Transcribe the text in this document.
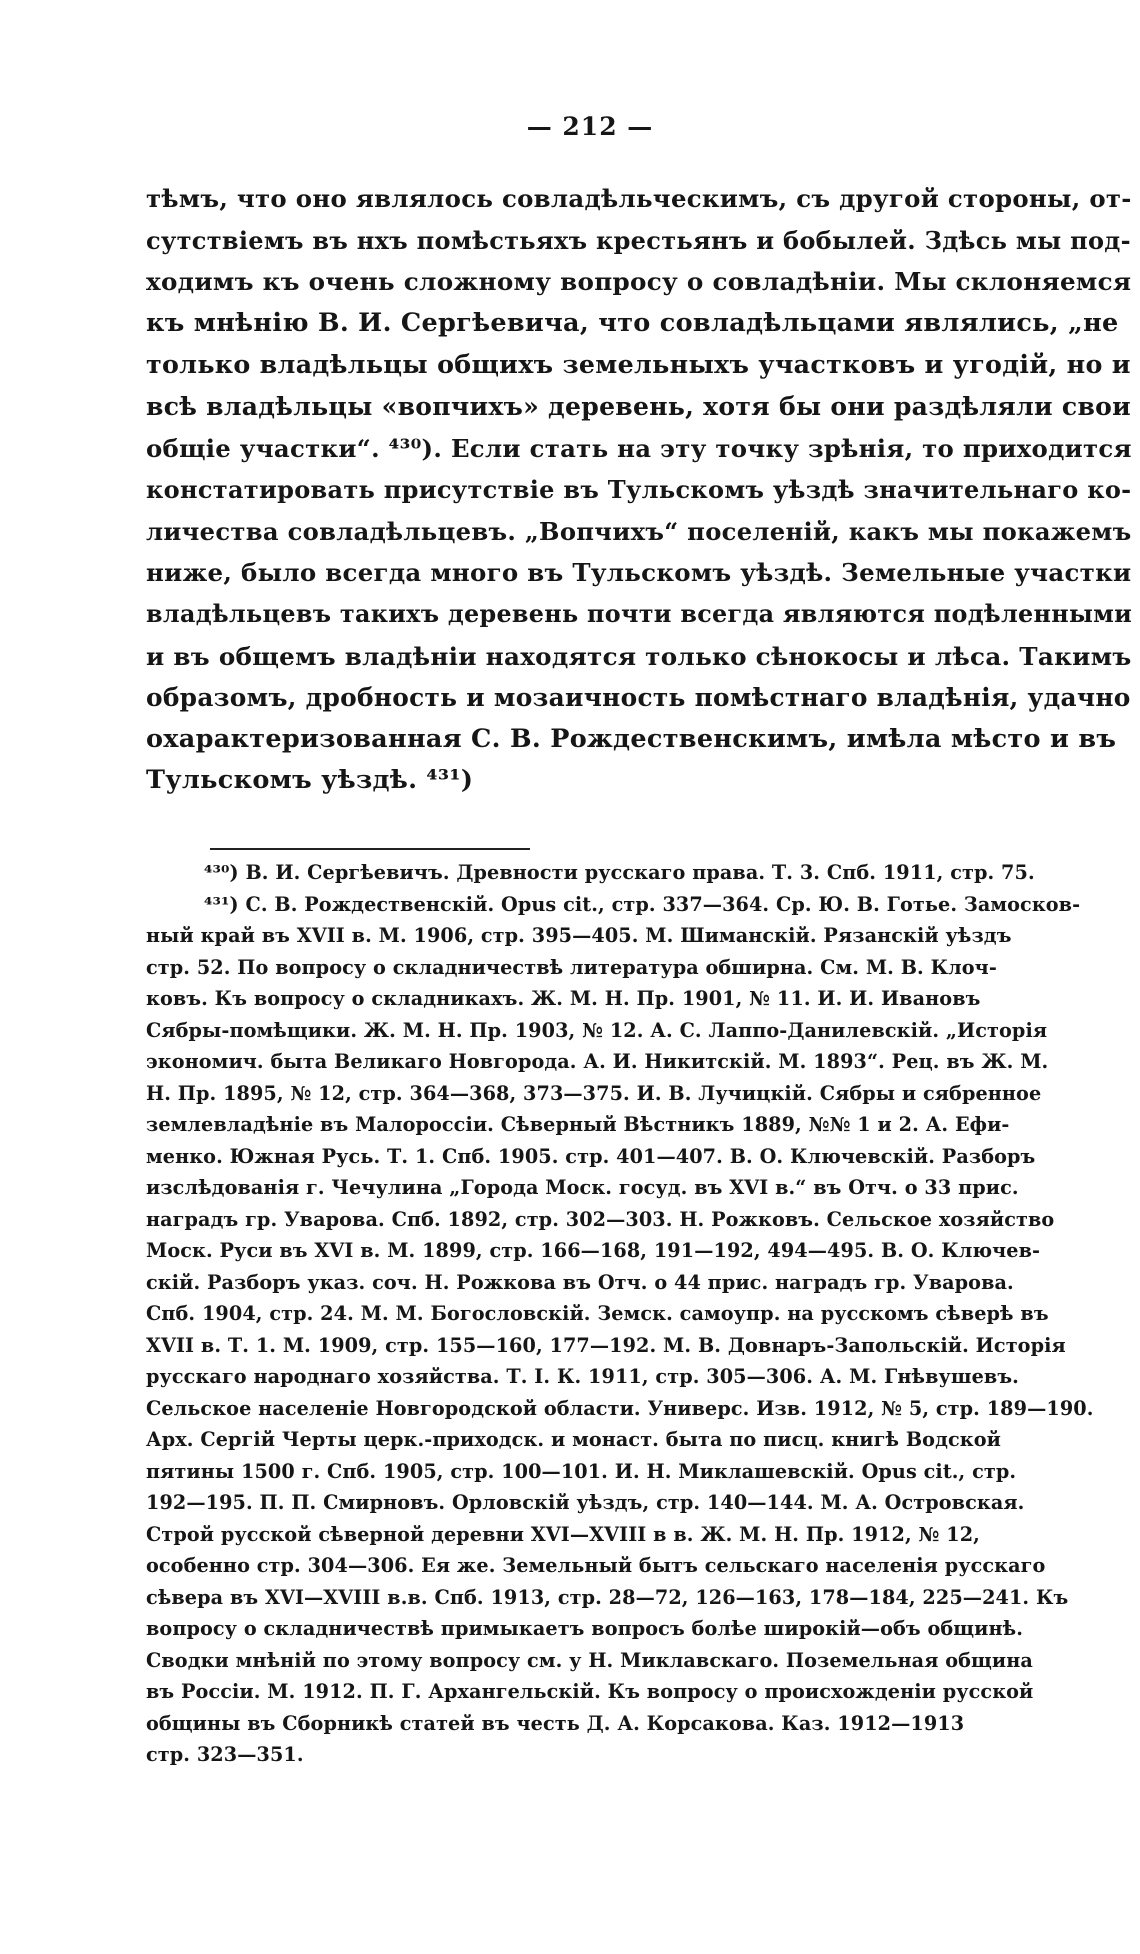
— 212 —
тѣмъ, что оно являлось совладѣльческимъ, съ другой стороны, от-
сутствіемъ въ нхъ помѣстьяхъ крестьянъ и бобылей. Здѣсь мы под-
ходимъ къ очень сложному вопросу о совладѣніи. Мы склоняемся
къ мнѣнію В. И. Сергѣевича, что совладѣльцами являлись, „не
только владѣльцы общихъ земельныхъ участковъ и угодій, но и
всѣ владѣльцы «вопчихъ» деревень, хотя бы они раздѣляли свои
общіе участки“. ⁴³⁰). Если стать на эту точку зрѣнія, то приходится
констатировать присутствіе въ Тульскомъ уѣздѣ значительнаго ко-
личества совладѣльцевъ. „Вопчихъ“ поселеній, какъ мы покажемъ
ниже, было всегда много въ Тульскомъ уѣздѣ. Земельные участки
владѣльцевъ такихъ деревень почти всегда являются подѣленными
и въ общемъ владѣніи находятся только сѣнокосы и лѣса. Такимъ
образомъ, дробность и мозаичность помѣстнаго владѣнія, удачно
охарактеризованная С. В. Рождественскимъ, имѣла мѣсто и въ
Тульскомъ уѣздѣ. ⁴³¹)
⁴³⁰) В. И. Сергѣевичъ. Древности русскаго права. Т. 3. Спб. 1911, стр. 75.
⁴³¹) С. В. Рождественскій. Opus cit., стр. 337—364. Ср. Ю. В. Готье. Замосков-
ный край въ XVII в. М. 1906, стр. 395—405. М. Шиманскій. Рязанскій уѣздъ
стр. 52. По вопросу о складничествѣ литература обширна. См. М. В. Клоч-
ковъ. Къ вопросу о складникахъ. Ж. М. Н. Пр. 1901, № 11. И. И. Ивановъ
Сябры-помѣщики. Ж. М. Н. Пр. 1903, № 12. А. С. Лаппо-Данилевскій. „Исторія
экономич. быта Великаго Новгорода. А. И. Никитскій. М. 1893“. Рец. въ Ж. М.
Н. Пр. 1895, № 12, стр. 364—368, 373—375. И. В. Лучицкій. Сябры и сябренное
землевладѣніе въ Малороссіи. Сѣверный Вѣстникъ 1889, №№ 1 и 2. А. Ефи-
менко. Южная Русь. Т. 1. Спб. 1905. стр. 401—407. В. О. Ключевскій. Разборъ
изслѣдованія г. Чечулина „Города Моск. госуд. въ XVI в.“ въ Отч. о 33 прис.
наградъ гр. Уварова. Спб. 1892, стр. 302—303. Н. Рожковъ. Сельское хозяйство
Моск. Руси въ XVI в. М. 1899, стр. 166—168, 191—192, 494—495. В. О. Ключев-
скій. Разборъ указ. соч. Н. Рожкова въ Отч. о 44 прис. наградъ гр. Уварова.
Спб. 1904, стр. 24. М. М. Богословскій. Земск. самоупр. на русскомъ сѣверѣ въ
XVII в. Т. 1. М. 1909, стр. 155—160, 177—192. М. В. Довнаръ-Запольскій. Исторія
русскаго народнаго хозяйства. Т. I. К. 1911, стр. 305—306. А. М. Гнѣвушевъ.
Сельское населеніе Новгородской области. Универс. Изв. 1912, № 5, стр. 189—190.
Арх. Сергій Черты церк.-приходск. и монаст. быта по писц. книгѣ Водской
пятины 1500 г. Спб. 1905, стр. 100—101. И. Н. Миклашевскій. Opus cit., стр.
192—195. П. П. Смирновъ. Орловскій уѣздъ, стр. 140—144. М. А. Островская.
Строй русской сѣверной деревни XVI—XVIII в в. Ж. М. Н. Пр. 1912, № 12,
особенно стр. 304—306. Ея же. Земельный бытъ сельскаго населенія русскаго
сѣвера въ XVI—XVIII в.в. Спб. 1913, стр. 28—72, 126—163, 178—184, 225—241. Къ
вопросу о складничествѣ примыкаетъ вопросъ болѣе широкій—объ общинѣ.
Сводки мнѣній по этому вопросу см. у Н. Миклавскаго. Поземельная община
въ Россіи. М. 1912. П. Г. Архангельскій. Къ вопросу о происхожденіи русской
общины въ Сборникѣ статей въ честь Д. А. Корсакова. Каз. 1912—1913
стр. 323—351.
